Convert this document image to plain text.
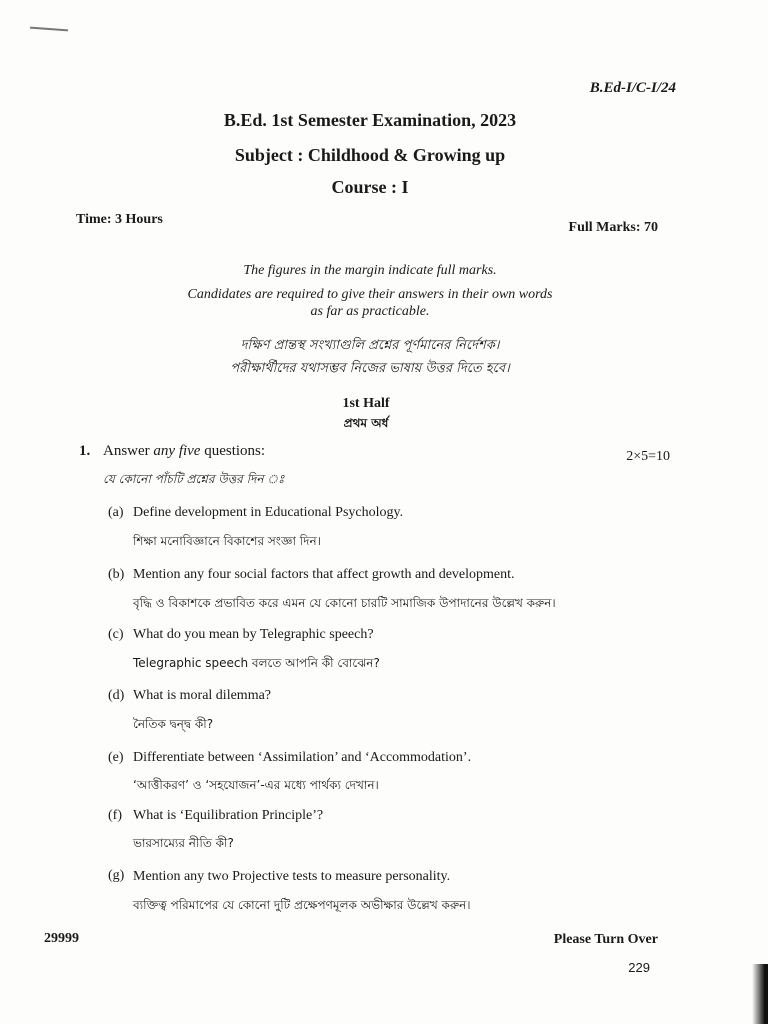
B.Ed-I/C-I/24
B.Ed. 1st Semester Examination, 2023
Subject : Childhood & Growing up
Course : I
Time: 3 Hours
Full Marks: 70
The figures in the margin indicate full marks.
Candidates are required to give their answers in their own words
as far as practicable.
দক্ষিণ প্রান্তস্থ সংখ্যাগুলি প্রশ্নের পূর্ণমানের নির্দেশক।
পরীক্ষার্থীদের যথাসম্ভব নিজের ভাষায় উত্তর দিতে হবে।
1st Half
প্রথম অর্ধ
1. Answer any five questions:	2×5=10
যে কোনো পাঁচটি প্রশ্নের উত্তর দিন ঃ
(a) Define development in Educational Psychology.
শিক্ষা মনোবিজ্ঞানে বিকাশের সংজ্ঞা দিন।
(b) Mention any four social factors that affect growth and development.
বৃদ্ধি ও বিকাশকে প্রভাবিত করে এমন যে কোনো চারটি সামাজিক উপাদানের উল্লেখ করুন।
(c) What do you mean by Telegraphic speech?
Telegraphic speech বলতে আপনি কী বোঝেন?
(d) What is moral dilemma?
নৈতিক দ্বন্দ্ব কী?
(e) Differentiate between ‘Assimilation’ and ‘Accommodation’.
‘আত্তীকরণ’ ও ‘সহযোজন’-এর মধ্যে পার্থক্য দেখান।
(f) What is ‘Equilibration Principle’?
ভারসাম্যের নীতি কী?
(g) Mention any two Projective tests to measure personality.
ব্যক্তিত্ব পরিমাপের যে কোনো দুটি প্রক্ষেপণমূলক অভীক্ষার উল্লেখ করুন।
29999	Please Turn Over
229
